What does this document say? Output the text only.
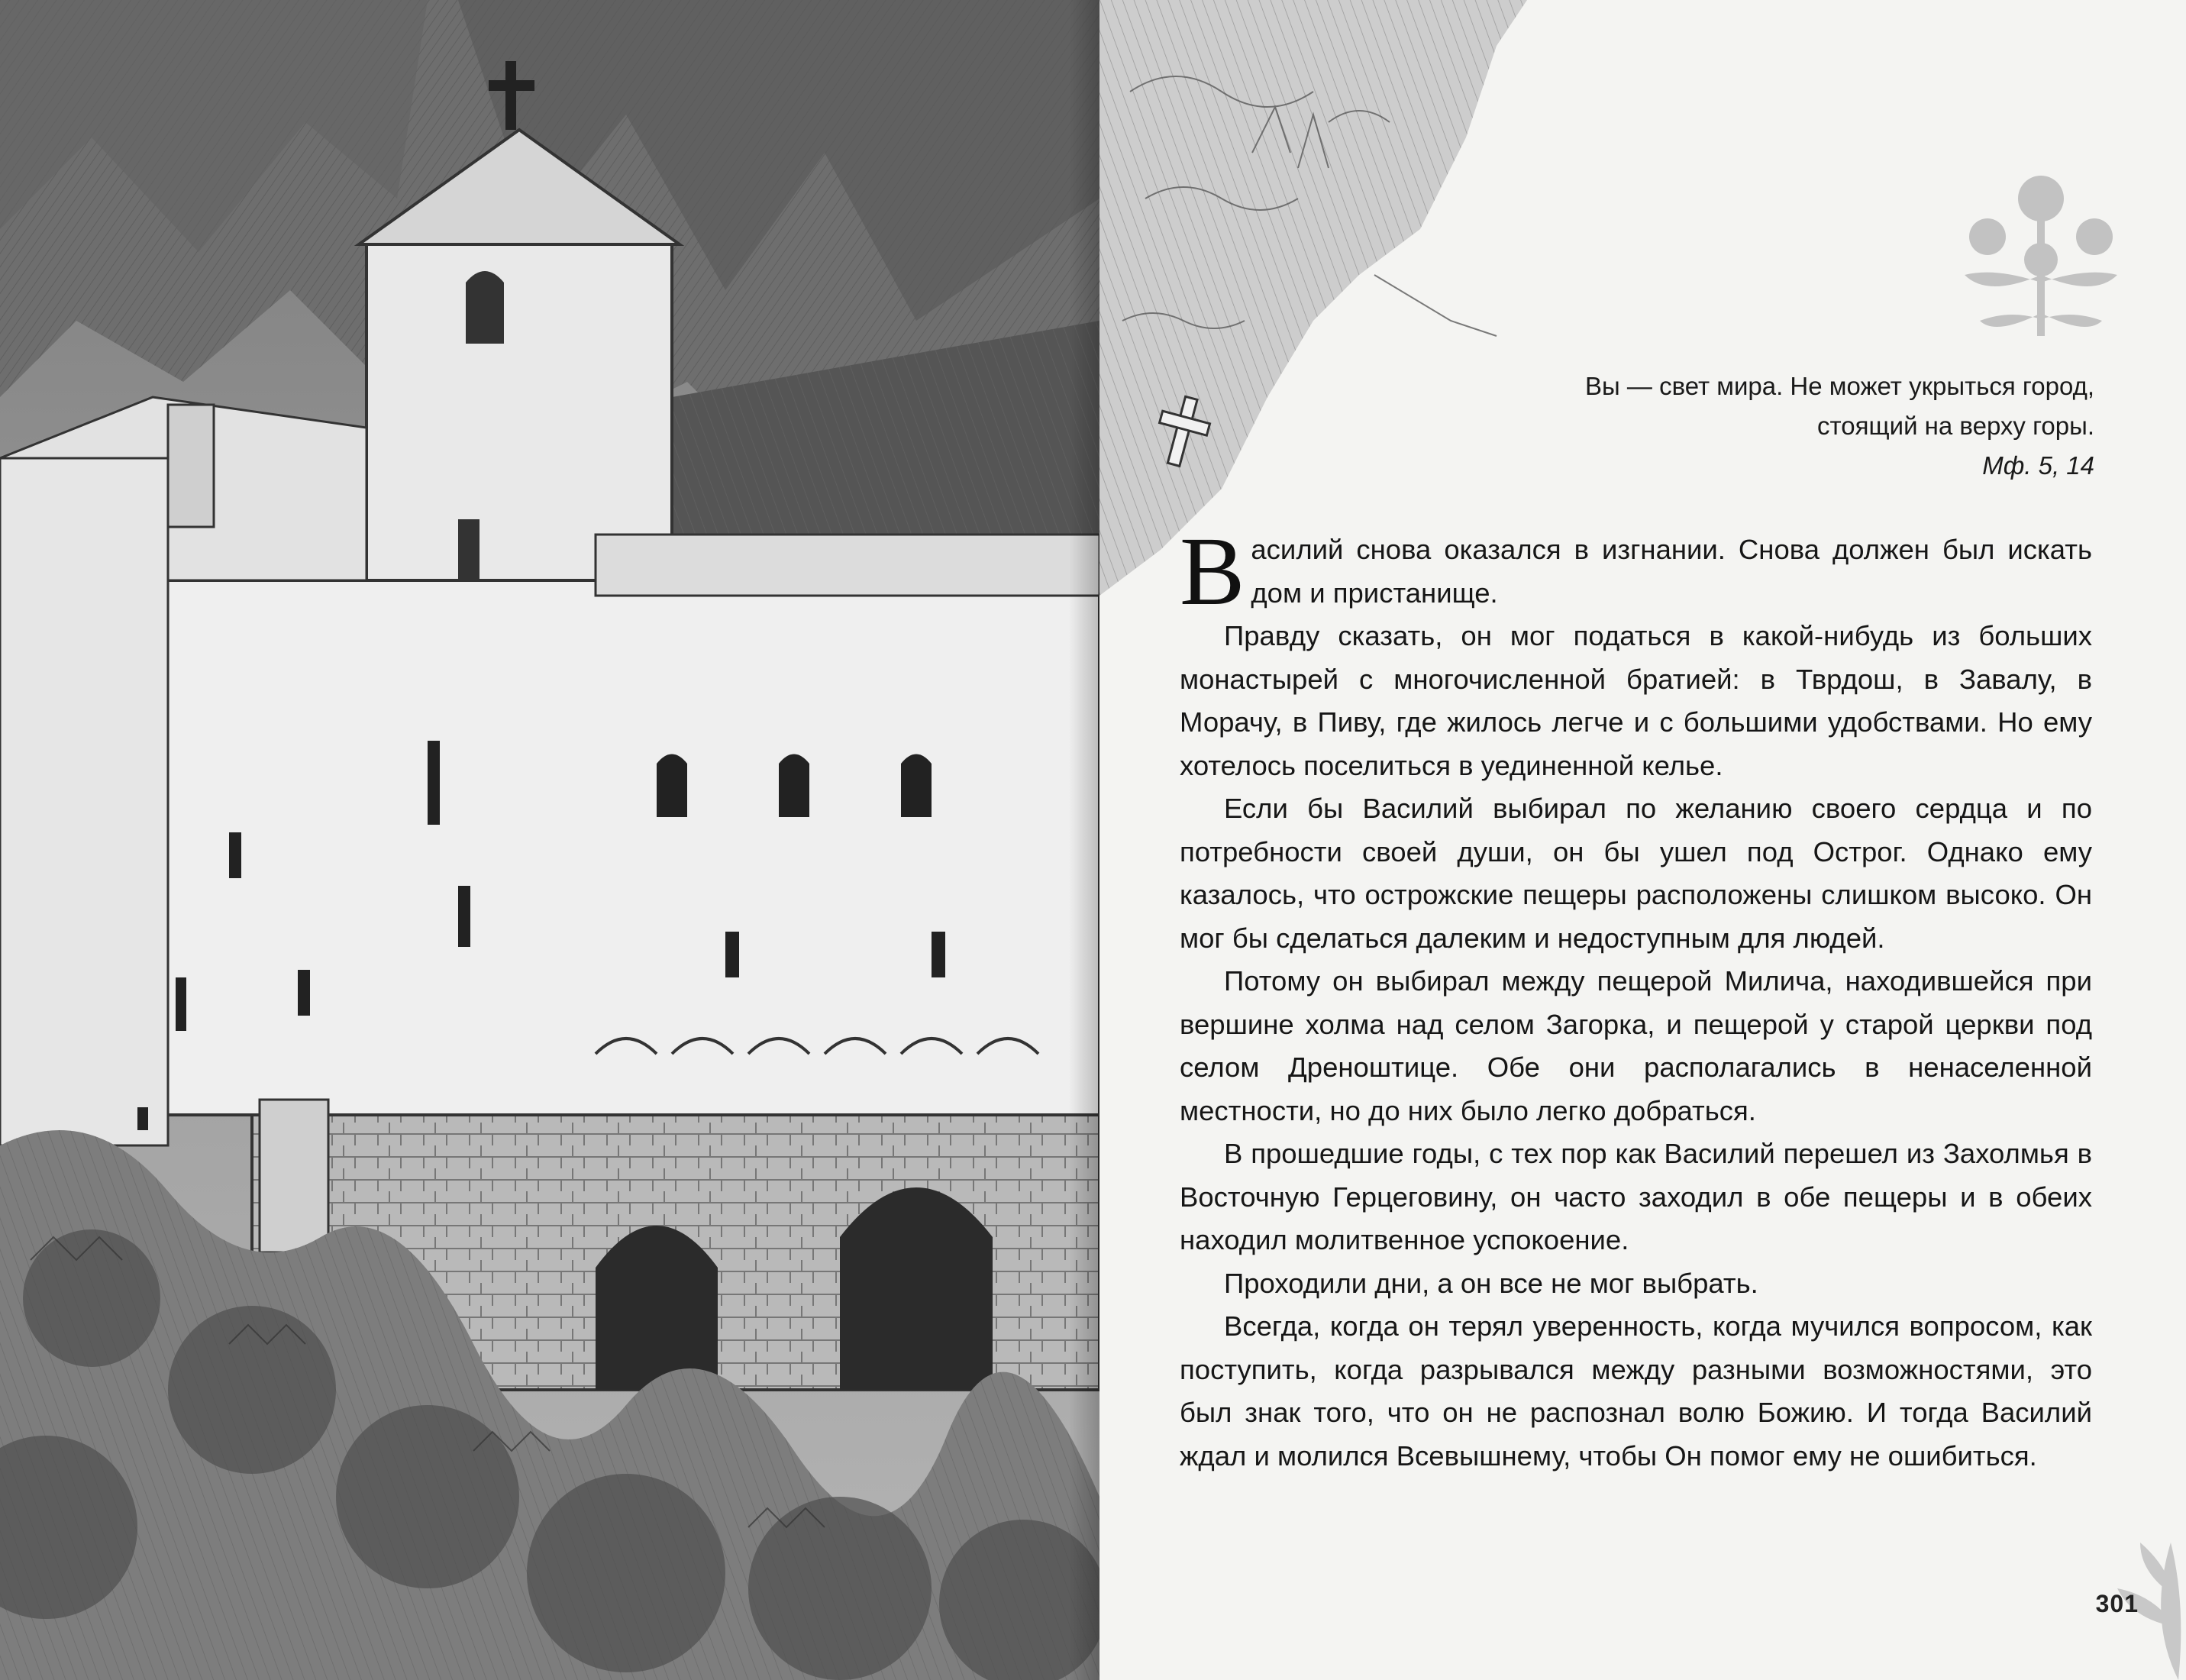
Вы — свет мира. Не может укрыться город,
стоящий на верху горы.
Мф. 5, 14

Василий снова оказался в изгнании. Снова должен был искать дом и пристанище.

Правду сказать, он мог податься в какой-нибудь из больших монастырей с многочисленной братией: в Тврдош, в Завалу, в Морачу, в Пиву, где жилось легче и с большими удобствами. Но ему хотелось поселиться в уединенной келье.

Если бы Василий выбирал по желанию своего сердца и по потребности своей души, он бы ушел под Острог. Однако ему казалось, что острожские пещеры расположены слишком высоко. Он мог бы сделаться далеким и недоступным для людей.

Потому он выбирал между пещерой Милича, находившейся при вершине холма над селом Загорка, и пещерой у старой церкви под селом Дреноштице. Обе они располагались в ненаселенной местности, но до них было легко добраться.

В прошедшие годы, с тех пор как Василий перешел из Захолмья в Восточную Герцеговину, он часто заходил в обе пещеры и в обеих находил молитвенное успокоение.

Проходили дни, а он все не мог выбрать.

Всегда, когда он терял уверенность, когда мучился вопросом, как поступить, когда разрывался между разными возможностями, это был знак того, что он не распознал волю Божию. И тогда Василий ждал и молился Всевышнему, чтобы Он помог ему не ошибиться.

301
